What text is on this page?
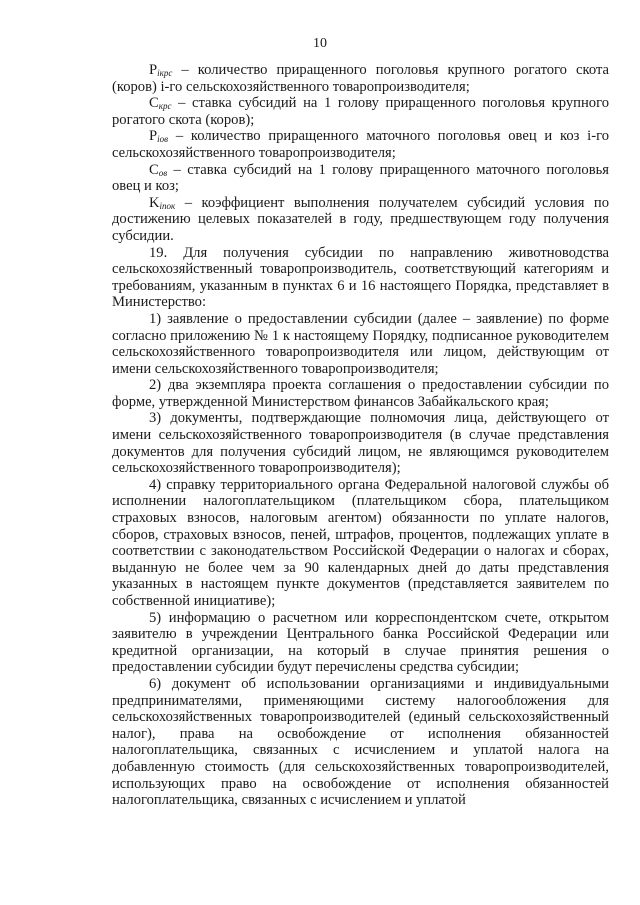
10

$P_{iкрс}$ – количество приращенного поголовья крупного рогатого скота (коров) i-го сельскохозяйственного товаропроизводителя;

$C_{крс}$ – ставка субсидий на 1 голову приращенного поголовья крупного рогатого скота (коров);

$P_{iов}$ – количество приращенного маточного поголовья овец и коз i-го сельскохозяйственного товаропроизводителя;

$C_{ов}$ – ставка субсидий на 1 голову приращенного маточного поголовья овец и коз;

$K_{iпок}$ – коэффициент выполнения получателем субсидий условия по достижению целевых показателей в году, предшествующем году получения субсидии.

19. Для получения субсидии по направлению животноводства сельскохозяйственный товаропроизводитель, соответствующий категориям и требованиям, указанным в пунктах 6 и 16 настоящего Порядка, представляет в Министерство:

1) заявление о предоставлении субсидии (далее – заявление) по форме согласно приложению № 1 к настоящему Порядку, подписанное руководителем сельскохозяйственного товаропроизводителя или лицом, действующим от имени сельскохозяйственного товаропроизводителя;

2) два экземпляра проекта соглашения о предоставлении субсидии по форме, утвержденной Министерством финансов Забайкальского края;

3) документы, подтверждающие полномочия лица, действующего от имени сельскохозяйственного товаропроизводителя (в случае представления документов для получения субсидий лицом, не являющимся руководителем сельскохозяйственного товаропроизводителя);

4) справку территориального органа Федеральной налоговой службы об исполнении налогоплательщиком (плательщиком сбора, плательщиком страховых взносов, налоговым агентом) обязанности по уплате налогов, сборов, страховых взносов, пеней, штрафов, процентов, подлежащих уплате в соответствии с законодательством Российской Федерации о налогах и сборах, выданную не более чем за 90 календарных дней до даты представления указанных в настоящем пункте документов (представляется заявителем по собственной инициативе);

5) информацию о расчетном или корреспондентском счете, открытом заявителю в учреждении Центрального банка Российской Федерации или кредитной организации, на который в случае принятия решения о предоставлении субсидии будут перечислены средства субсидии;

6) документ об использовании организациями и индивидуальными предпринимателями, применяющими систему налогообложения для сельскохозяйственных товаропроизводителей (единый сельскохозяйственный налог), права на освобождение от исполнения обязанностей налогоплательщика, связанных с исчислением и уплатой налога на добавленную стоимость (для сельскохозяйственных товаропроизводителей, использующих право на освобождение от исполнения обязанностей налогоплательщика, связанных с исчислением и уплатой
